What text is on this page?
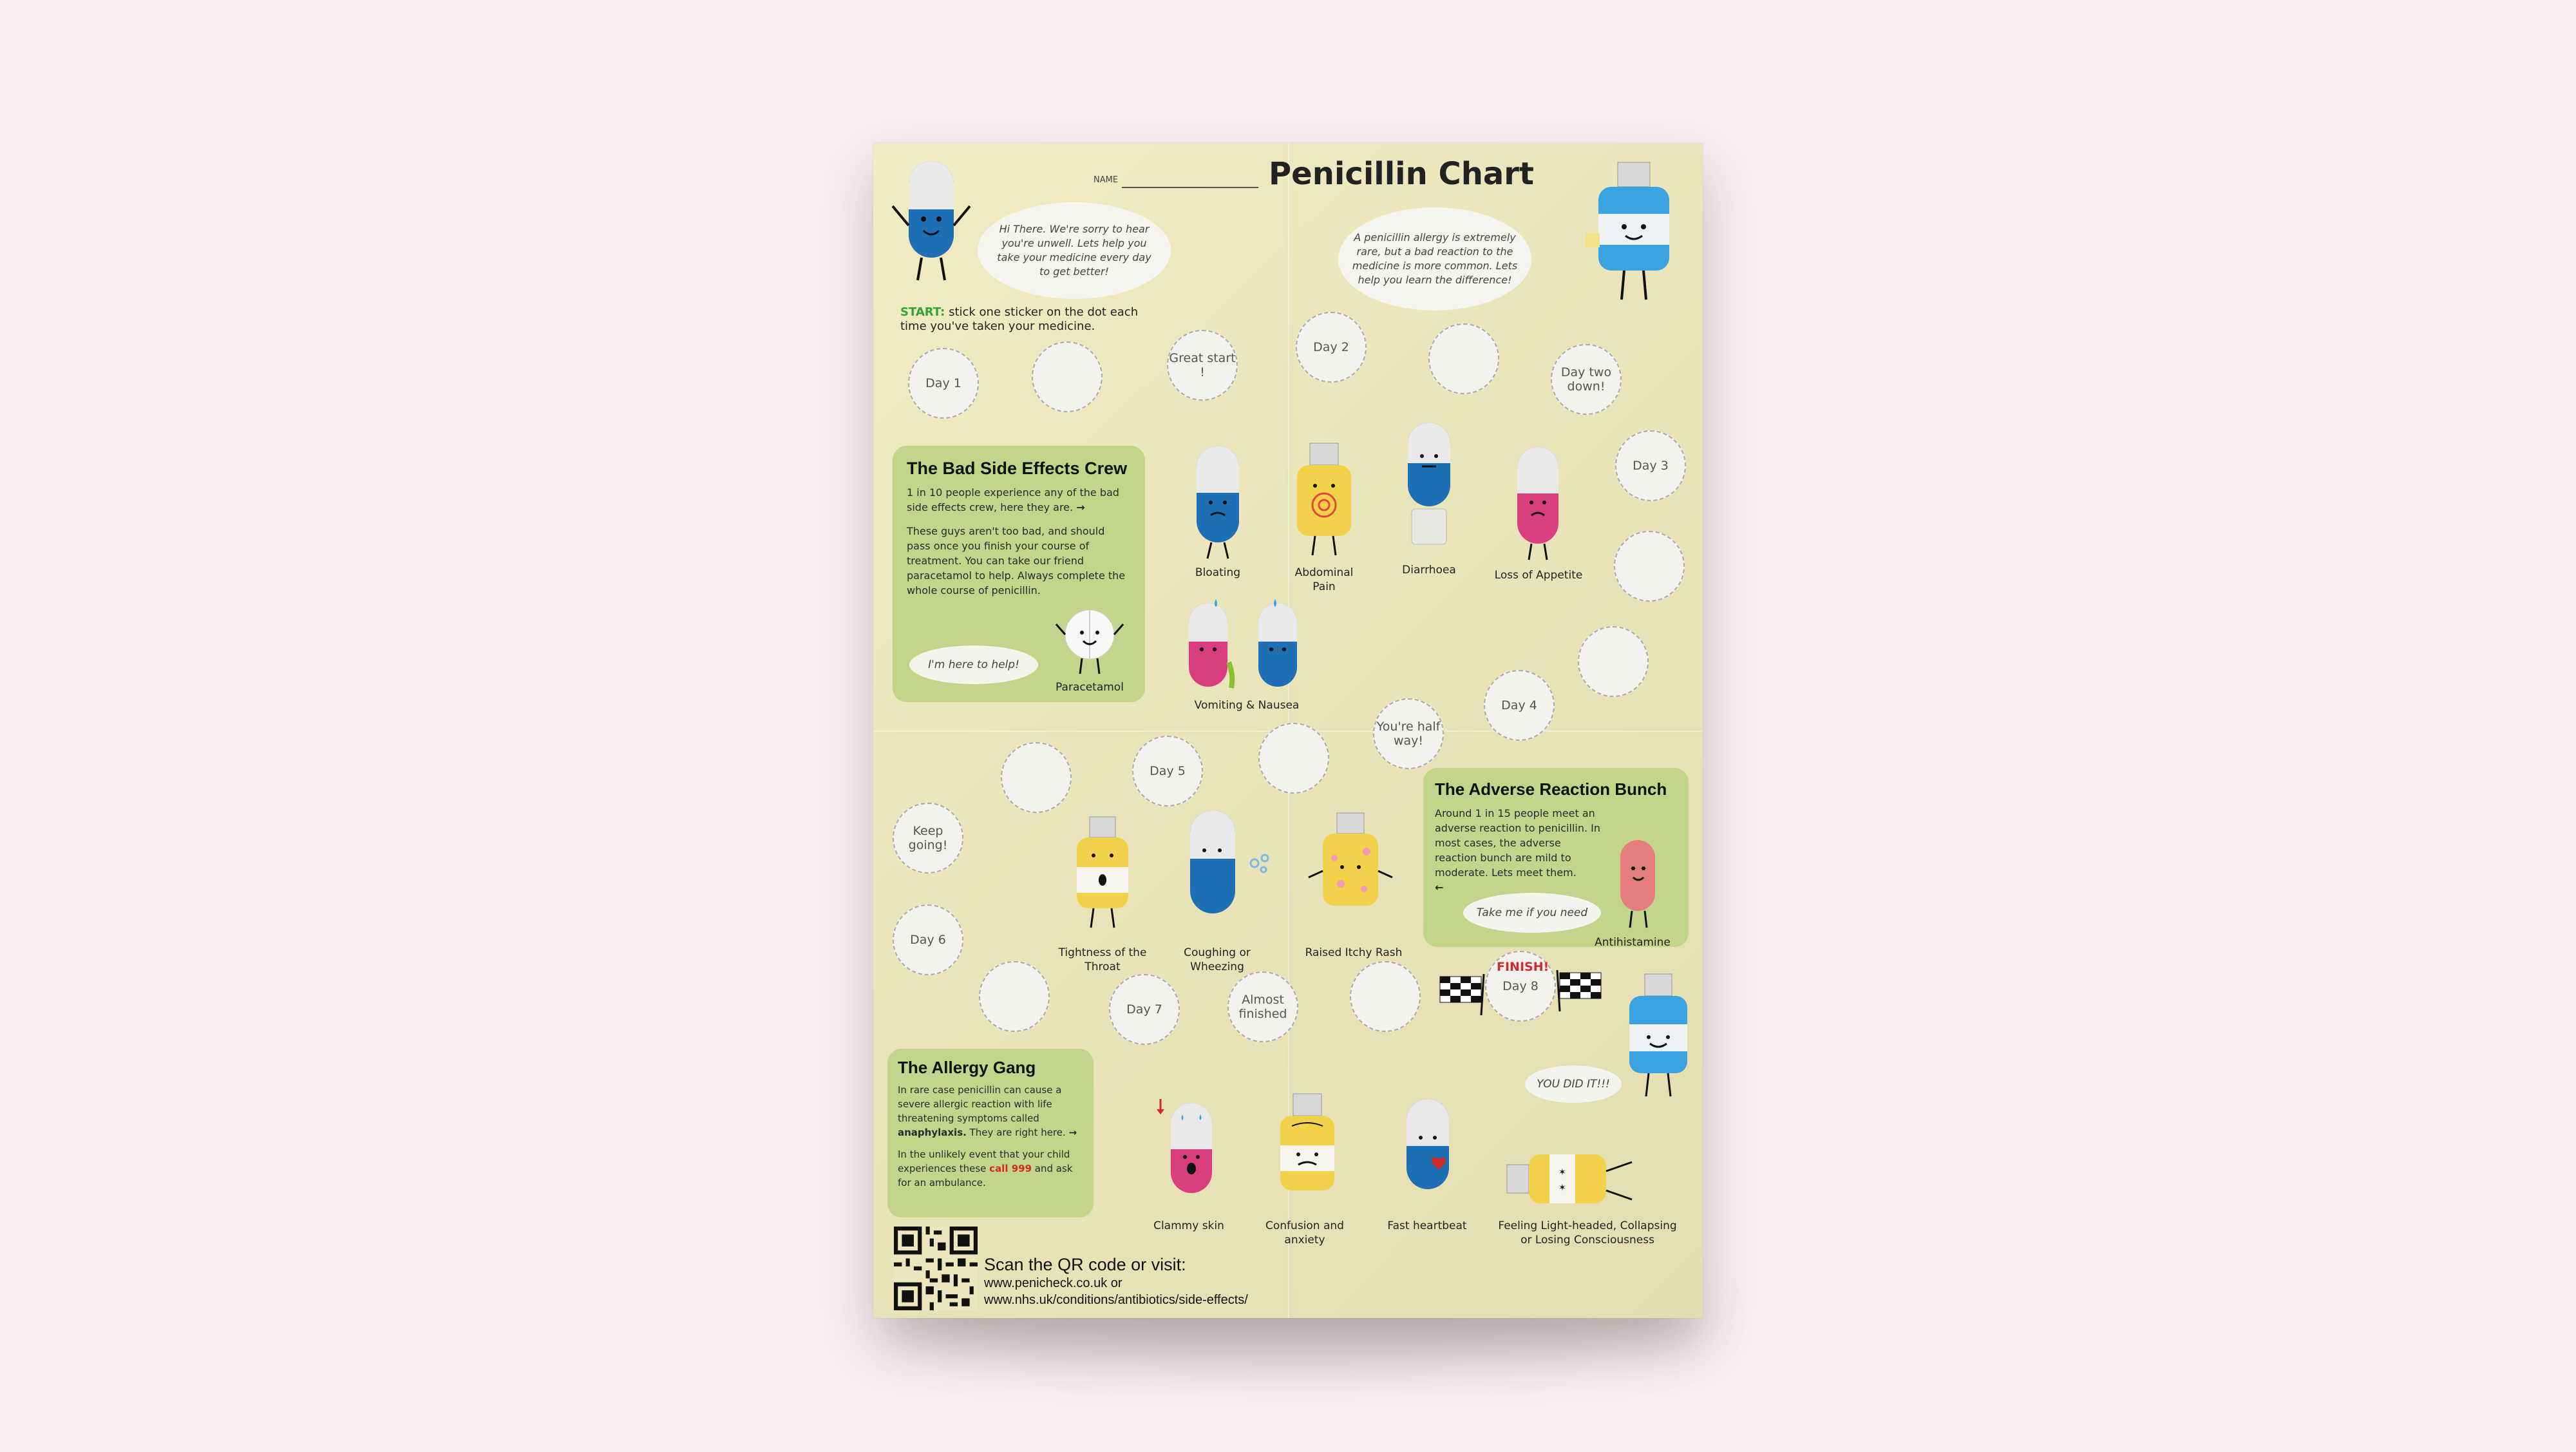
NAME	Penicillin Chart
Hi There. We're sorry to hear you're unwell. Lets help you take your medicine every day to get better!
A penicillin allergy is extremely rare, but a bad reaction to the medicine is more common. Lets help you learn the difference!
START: stick one sticker on the dot each time you've taken your medicine.
Day 1
Great start !
Day 2
Day two down!
Day 3
Day 4
You're half way!
Day 5
Keep going!
Day 6
Day 7
Almost finished
Day 8
The Bad Side Effects Crew

1 in 10 people experience any of the bad side effects crew, here they are. →

These guys aren't too bad, and should pass once you finish your course of treatment. You can take our friend paracetamol to help. Always complete the whole course of penicillin.

I'm here to help!
Paracetamol
Bloating	Abdominal Pain
Diarrhoea	Loss of Appetite
Vomiting & Nausea
The Adverse Reaction Bunch

Around 1 in 15 people meet an adverse reaction to penicillin. In most cases, the adverse reaction bunch are mild to moderate. Lets meet them.

←
Take me if you need
Antihistamine
Tightness of the Throat
Coughing or Wheezing
Raised Itchy Rash
FINISH!
YOU DID IT!!!
The Allergy Gang

In rare case penicillin can cause a severe allergic reaction with life threatening symptoms called anaphylaxis. They are right here. →

In the unlikely event that your child experiences these call 999 and ask for an ambulance.

Clammy skin	Confusion and anxiety
Fast heartbeat
✶
✶
Feeling Light-headed, Collapsing or Losing Consciousness
Scan the QR code or visit:
www.penicheck.co.uk or
www.nhs.uk/conditions/antibiotics/side-effects/
